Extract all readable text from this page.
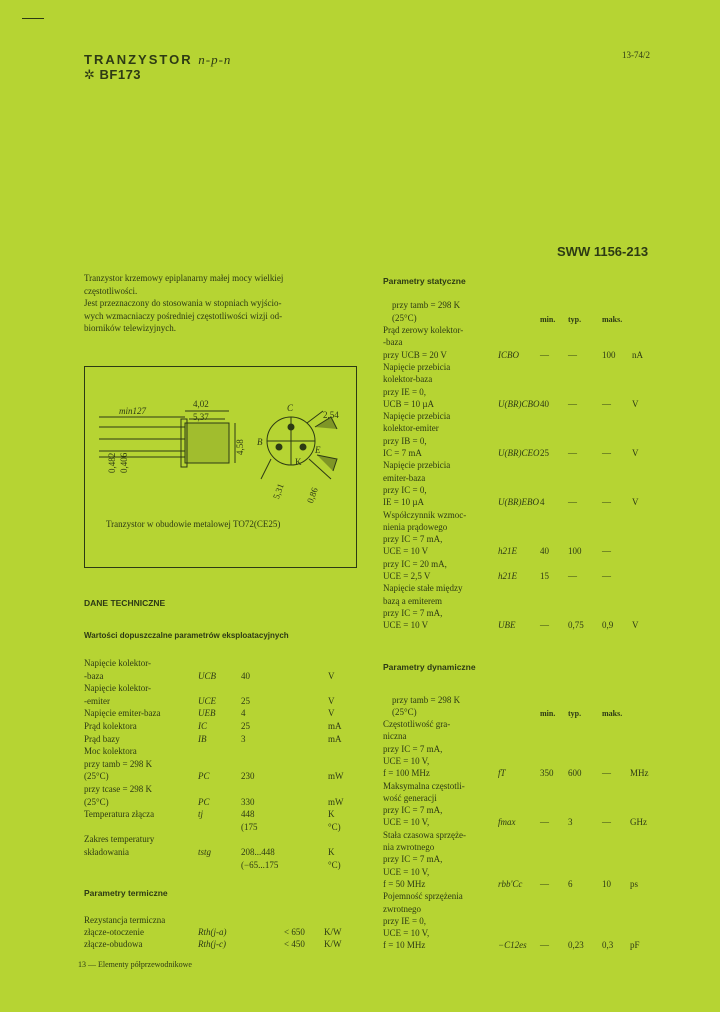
TRANZYSTOR n-p-n
✲ BF173
13-74/2
SWW 1156-213
Tranzystor krzemowy epiplanarny małej mocy wielkiej
częstotliwości.
Jest przeznaczony do stosowania w stopniach wyjścio-
wych wzmacniaczy pośredniej częstotliwości wizji od-
biorników telewizyjnych.
min127
4,02
5,37
C
2,54
B
E
K
0,482 0,406
4,58
5,31 0,86
Tranzystor w obudowie metalowej TO72(CE25)
DANE TECHNICZNE
Wartości dopuszczalne parametrów eksploatacyjnych
Napięcie kolektor-
-baza	UCB	40	V
Napięcie kolektor-
-emiter	UCE	25	V
Napięcie emiter-baza	UEB	4	V
Prąd kolektora	IC	25	mA
Prąd bazy	IB	3	mA
Moc kolektora
przy tamb = 298 K
(25°C)	PC	230	mW
przy tcase = 298 K
(25°C)	PC	330	mW
Temperatura złącza	tj	448	K
(175	°C)
Zakres temperatury
składowania	tstg	208...448	K
(−65...175	°C)
Parametry termiczne
Rezystancja termiczna
złącze-otoczenie	Rth(j-a)	< 650 K/W
złącze-obudowa	Rth(j-c)	< 450 K/W
Parametry statyczne
przy tamb = 298 K
(25°C)	min. typ.	maks.
Prąd zerowy kolektor-
-baza
przy UCB = 20 V	ICBO — —	100 nA
Napięcie przebicia
kolektor-baza
przy IE = 0,
UCB = 10 µA	U(BR)CBO 40 —	— V
Napięcie przebicia
kolektor-emiter
przy IB = 0,
IC = 7 mA	U(BR)CEO 25 —	— V
Napięcie przebicia
emiter-baza
przy IC = 0,
IE = 10 µA	U(BR)EBO 4	—	— V
Współczynnik wzmoc-
nienia prądowego
przy IC = 7 mA,
UCE = 10 V	h21E	40 100 —
przy IC = 20 mA,
UCE = 2,5 V	h21E	15 —	—
Napięcie stałe między
bazą a emiterem
przy IC = 7 mA,
UCE = 10 V	UBE	— 0,75 0,9 V
Parametry dynamiczne
przy tamb = 298 K
(25°C)	min. typ.	maks.
Częstotliwość gra-
niczna
przy IC = 7 mA,
UCE = 10 V,
f = 100 MHz	fT	350 600 — MHz
Maksymalna częstotli-
wość generacji
przy IC = 7 mA,
UCE = 10 V,	fmax	— 3	— GHz
Stała czasowa sprzęże-
nia zwrotnego
przy IC = 7 mA,
UCE = 10 V,
f = 50 MHz	rbb'Cc — 6	10 ps
Pojemność sprzężenia
zwrotnego
przy IE = 0,
UCE = 10 V,
f = 10 MHz	−C12es — 0,23 0,3 pF
13 — Elementy półprzewodnikowe
